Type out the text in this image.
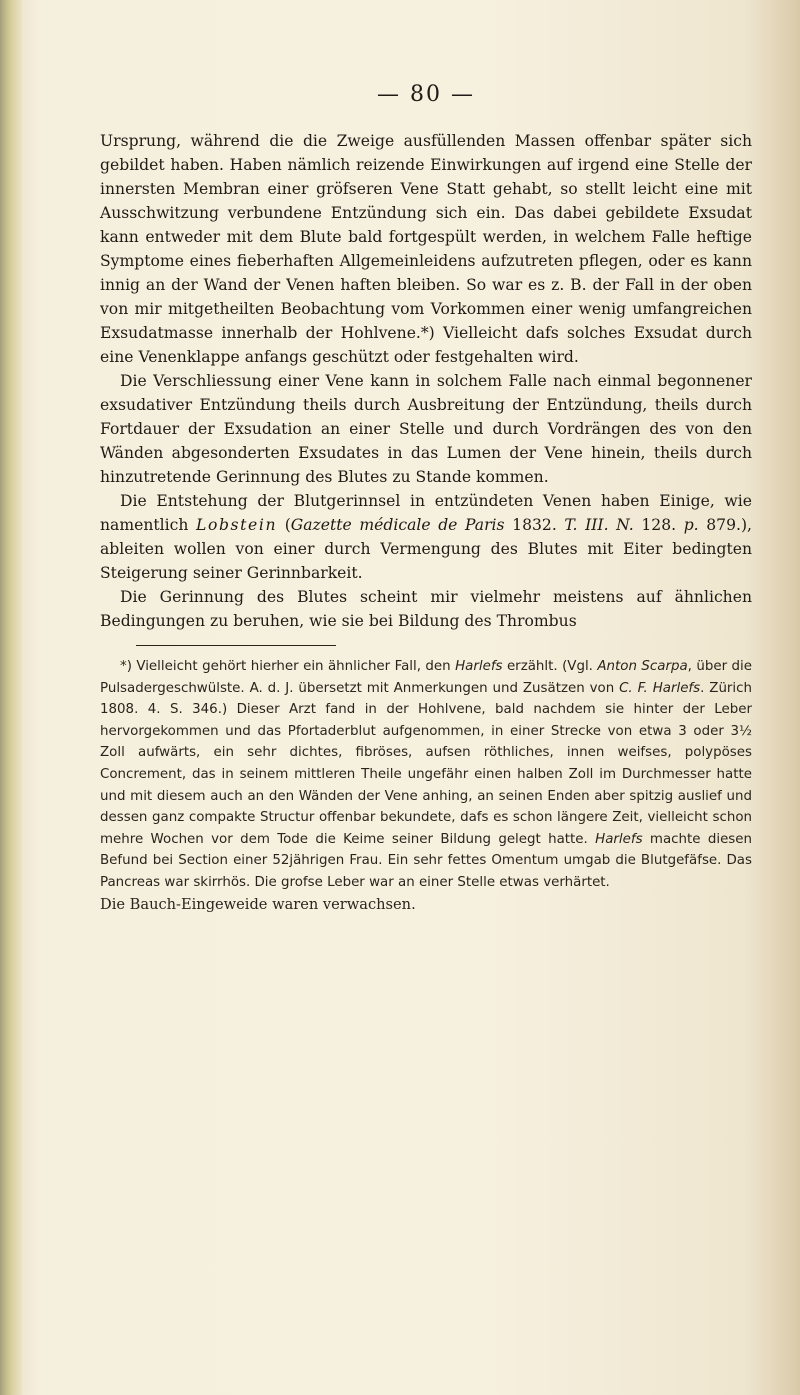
— 80 —

Ursprung, während die die Zweige ausfüllenden Massen offenbar später sich gebildet haben. Haben nämlich reizende Einwirkungen auf irgend eine Stelle der innersten Membran einer gröfseren Vene Statt gehabt, so stellt leicht eine mit Ausschwitzung verbundene Entzündung sich ein. Das dabei gebildete Exsudat kann entweder mit dem Blute bald fortgespült werden, in welchem Falle heftige Symptome eines fieberhaften Allgemeinleidens aufzutreten pflegen, oder es kann innig an der Wand der Venen haften bleiben. So war es z. B. der Fall in der oben von mir mitgetheilten Beobachtung vom Vorkommen einer wenig umfangreichen Exsudatmasse innerhalb der Hohlvene.*) Vielleicht dafs solches Exsudat durch eine Venenklappe anfangs geschützt oder festgehalten wird.

Die Verschliessung einer Vene kann in solchem Falle nach einmal begonnener exsudativer Entzündung theils durch Ausbreitung der Entzündung, theils durch Fortdauer der Exsudation an einer Stelle und durch Vordrängen des von den Wänden abgesonderten Exsudates in das Lumen der Vene hinein, theils durch hinzutretende Gerinnung des Blutes zu Stande kommen.

Die Entstehung der Blutgerinnsel in entzündeten Venen haben Einige, wie namentlich Lobstein (Gazette médicale de Paris 1832. T. III. N. 128. p. 879.), ableiten wollen von einer durch Vermengung des Blutes mit Eiter bedingten Steigerung seiner Gerinnbarkeit.

Die Gerinnung des Blutes scheint mir vielmehr meistens auf ähnlichen Bedingungen zu beruhen, wie sie bei Bildung des Thrombus

*) Vielleicht gehört hierher ein ähnlicher Fall, den Harlefs erzählt. (Vgl. Anton Scarpa, über die Pulsadergeschwülste. A. d. J. übersetzt mit Anmerkungen und Zusätzen von C. F. Harlefs. Zürich 1808. 4. S. 346.) Dieser Arzt fand in der Hohlvene, bald nachdem sie hinter der Leber hervorgekommen und das Pfortaderblut aufgenommen, in einer Strecke von etwa 3 oder 3½ Zoll aufwärts, ein sehr dichtes, fibröses, aufsen röthliches, innen weifses, polypöses Concrement, das in seinem mittleren Theile ungefähr einen halben Zoll im Durchmesser hatte und mit diesem auch an den Wänden der Vene anhing, an seinen Enden aber spitzig auslief und dessen ganz compakte Structur offenbar bekundete, dafs es schon längere Zeit, vielleicht schon mehre Wochen vor dem Tode die Keime seiner Bildung gelegt hatte. Harlefs machte diesen Befund bei Section einer 52jährigen Frau. Ein sehr fettes Omentum umgab die Blutgefäfse. Das Pancreas war skirrhös. Die grofse Leber war an einer Stelle etwas verhärtet.
Die Bauch-Eingeweide waren verwachsen.
